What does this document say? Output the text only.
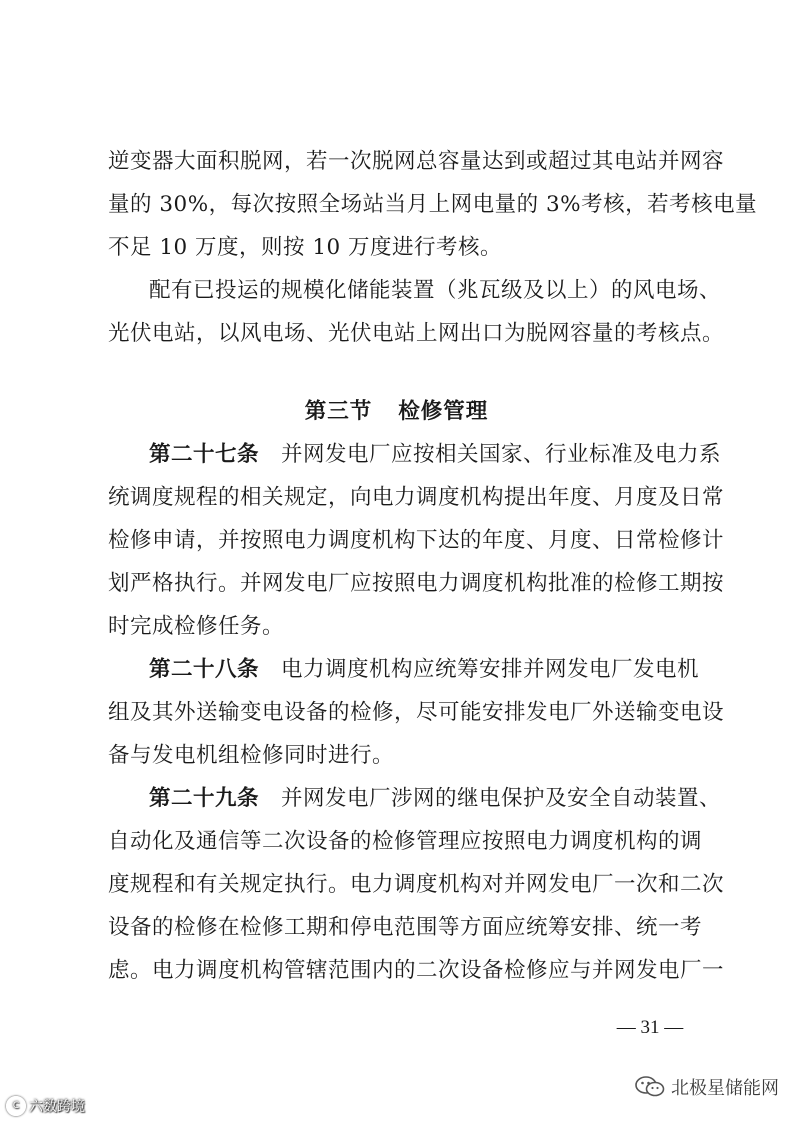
逆变器大面积脱网，若一次脱网总容量达到或超过其电站并网容
量的 30%，每次按照全场站当月上网电量的 3%考核，若考核电量
不足 10 万度，则按 10 万度进行考核。
配有已投运的规模化储能装置（兆瓦级及以上）的风电场、
光伏电站，以风电场、光伏电站上网出口为脱网容量的考核点。
第三节 检修管理
第二十七条 并网发电厂应按相关国家、行业标准及电力系
统调度规程的相关规定，向电力调度机构提出年度、月度及日常
检修申请，并按照电力调度机构下达的年度、月度、日常检修计
划严格执行。并网发电厂应按照电力调度机构批准的检修工期按
时完成检修任务。
第二十八条 电力调度机构应统筹安排并网发电厂发电机
组及其外送输变电设备的检修，尽可能安排发电厂外送输变电设
备与发电机组检修同时进行。
第二十九条 并网发电厂涉网的继电保护及安全自动装置、
自动化及通信等二次设备的检修管理应按照电力调度机构的调
度规程和有关规定执行。电力调度机构对并网发电厂一次和二次
设备的检修在检修工期和停电范围等方面应统筹安排、统一考
虑。电力调度机构管辖范围内的二次设备检修应与并网发电厂一
— 31 —
C 六数跨境
北极星储能网
